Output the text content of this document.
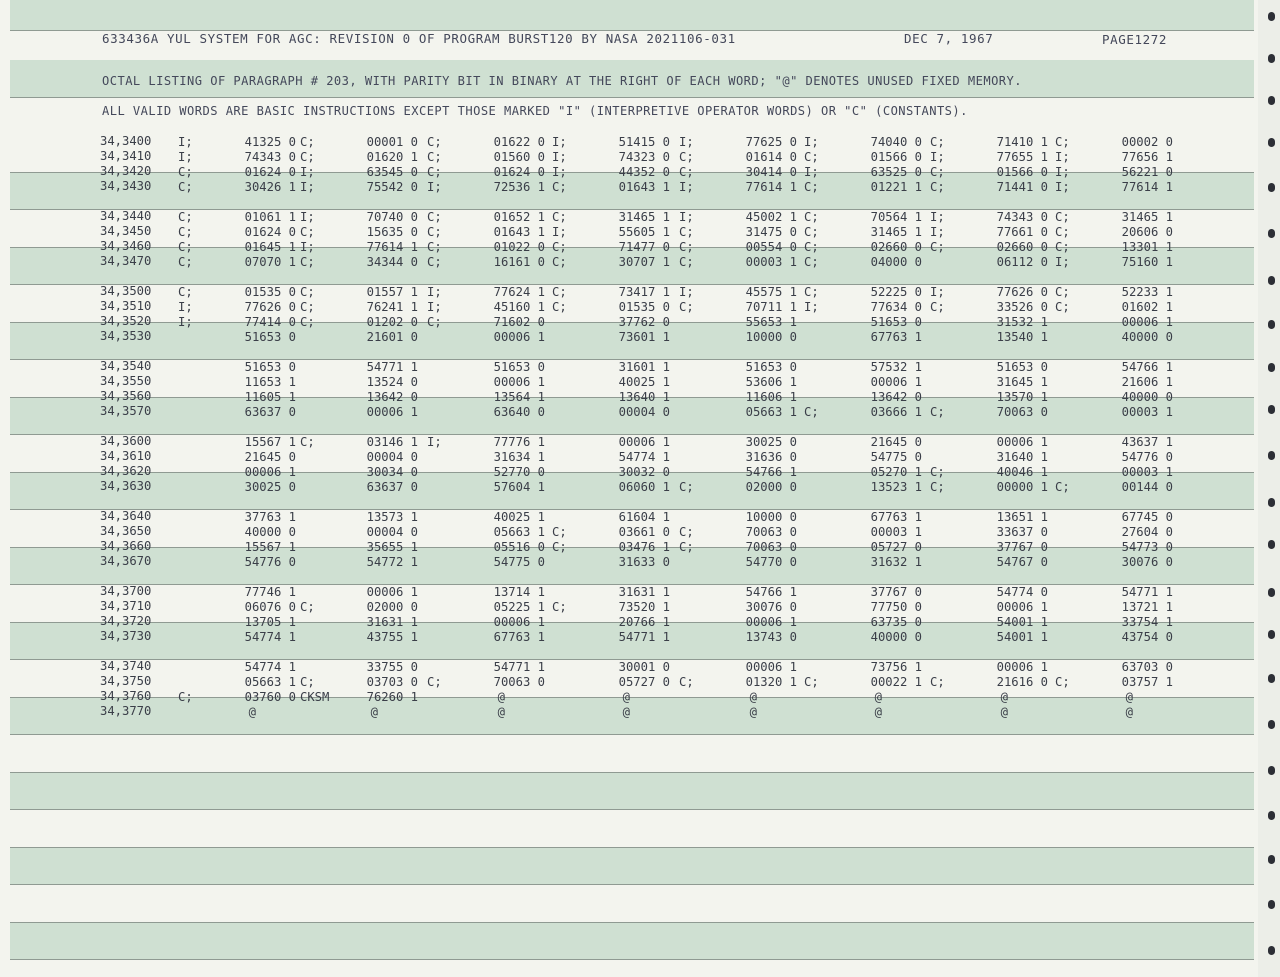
633436A YUL SYSTEM FOR AGC: REVISION 0 OF PROGRAM BURST120 BY NASA 2021106-031	DEC 7, 1967	PAGE1272
OCTAL LISTING OF PARAGRAPH # 203, WITH PARITY BIT IN BINARY AT THE RIGHT OF EACH WORD; "@" DENOTES UNUSED FIXED MEMORY.
ALL VALID WORDS ARE BASIC INSTRUCTIONS EXCEPT THOSE MARKED "I" (INTERPRETIVE OPERATOR WORDS) OR "C" (CONSTANTS).
34,3400 I;	41325 0 C;	00001 0 C;	01622 0 I;	51415 0 I;	77625 0 I;	74040 0 C;	71410 1 C;	00002 0
34,3410 I;	74343 0 C;	01620 1 C;	01560 0 I;	74323 0 C;	01614 0 C;	01566 0 I;	77655 1 I;	77656 1
34,3420 C;	01624 0 I;	63545 0 C;	01624 0 I;	44352 0 C;	30414 0 I;	63525 0 C;	01566 0 I;	56221 0
34,3430 C;	30426 1 I;	75542 0 I;	72536 1 C;	01643 1 I;	77614 1 C;	01221 1 C;	71441 0 I;	77614 1
34,3440 C;	01061 1 I;	70740 0 C;	01652 1 C;	31465 1 I;	45002 1 C;	70564 1 I;	74343 0 C;	31465 1
34,3450 C;	01624 0 C;	15635 0 C;	01643 1 I;	55605 1 C;	31475 0 C;	31465 1 I;	77661 0 C;	20606 0
34,3460 C;	01645 1 I;	77614 1 C;	01022 0 C;	71477 0 C;	00554 0 C;	02660 0 C;	02660 0 C;	13301 1
34,3470 C;	07070 1 C;	34344 0 C;	16161 0 C;	30707 1 C;	00003 1 C;	04000 0	06112 0 I;	75160 1
34,3500 C;	01535 0 C;	01557 1 I;	77624 1 C;	73417 1 I;	45575 1 C;	52225 0 I;	77626 0 C;	52233 1
34,3510 I;	77626 0 C;	76241 1 I;	45160 1 C;	01535 0 C;	70711 1 I;	77634 0 C;	33526 0 C;	01602 1
34,3520 I;	77414 0 C;	01202 0 C;	71602 0	37762 0	55653 1	51653 0	31532 1	00006 1
34,3530	51653 0	21601 0	00006 1	73601 1	10000 0	67763 1	13540 1	40000 0
34,3540	51653 0	54771 1	51653 0	31601 1	51653 0	57532 1	51653 0	54766 1
34,3550	11653 1	13524 0	00006 1	40025 1	53606 1	00006 1	31645 1	21606 1
34,3560	11605 1	13642 0	13564 1	13640 1	11606 1	13642 0	13570 1	40000 0
34,3570	63637 0	00006 1	63640 0	00004 0	05663 1 C;	03666 1 C;	70063 0	00003 1
34,3600	15567 1 C;	03146 1 I;	77776 1	00006 1	30025 0	21645 0	00006 1	43637 1
34,3610	21645 0	00004 0	31634 1	54774 1	31636 0	54775 0	31640 1	54776 0
34,3620	00006 1	30034 0	52770 0	30032 0	54766 1	05270 1 C;	40046 1	00003 1
34,3630	30025 0	63637 0	57604 1	06060 1 C;	02000 0	13523 1 C;	00000 1 C;	00144 0
34,3640	37763 1	13573 1	40025 1	61604 1	10000 0	67763 1	13651 1	67745 0
34,3650	40000 0	00004 0	05663 1 C;	03661 0 C;	70063 0	00003 1	33637 0	27604 0
34,3660	15567 1	35655 1	05516 0 C;	03476 1 C;	70063 0	05727 0	37767 0	54773 0
34,3670	54776 0	54772 1	54775 0	31633 0	54770 0	31632 1	54767 0	30076 0
34,3700	77746 1	00006 1	13714 1	31631 1	54766 1	37767 0	54774 0	54771 1
34,3710	06076 0 C;	02000 0	05225 1 C;	73520 1	30076 0	77750 0	00006 1	13721 1
34,3720	13705 1	31631 1	00006 1	20766 1	00006 1	63735 0	54001 1	33754 1
34,3730	54774 1	43755 1	67763 1	54771 1	13743 0	40000 0	54001 1	43754 0
34,3740	54774 1	33755 0	54771 1	30001 0	00006 1	73756 1	00006 1	63703 0
34,3750	05663 1 C;	03703 0 C;	70063 0	05727 0 C;	01320 1 C;	00022 1 C;	21616 0 C;	03757 1
34,3760 C;	03760 0 CKSM	76260 1	@	@	@	@	@	@
34,3770	@	@	@	@	@	@	@	@
